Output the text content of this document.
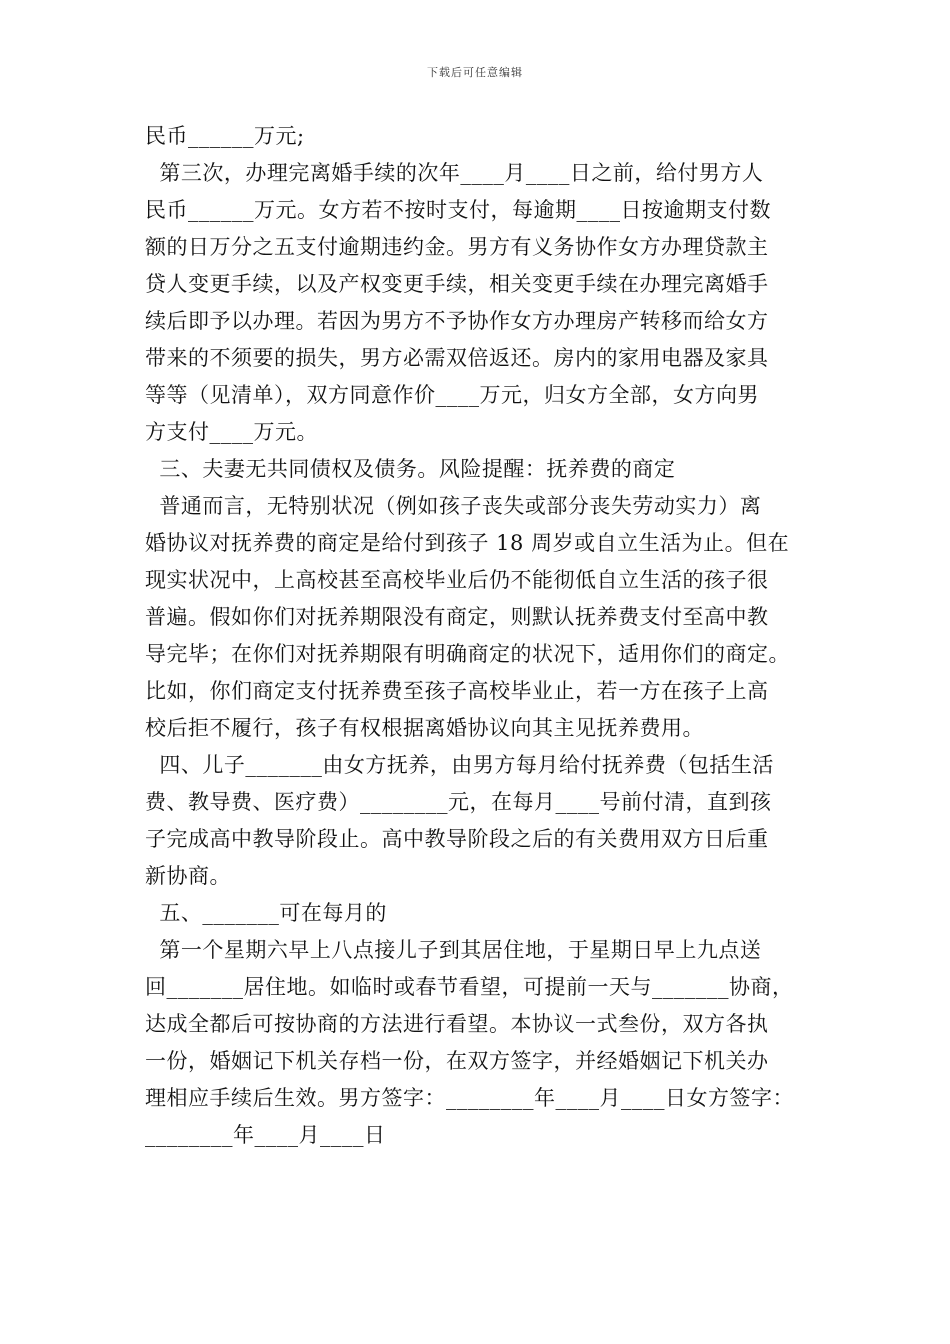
下载后可任意编辑
民币______万元;
第三次，办理完离婚手续的次年____月____日之前，给付男方人
民币______万元。女方若不按时支付，每逾期____日按逾期支付数
额的日万分之五支付逾期违约金。男方有义务协作女方办理贷款主
贷人变更手续，以及产权变更手续，相关变更手续在办理完离婚手
续后即予以办理。若因为男方不予协作女方办理房产转移而给女方
带来的不须要的损失，男方必需双倍返还。房内的家用电器及家具
等等（见清单），双方同意作价____万元，归女方全部，女方向男
方支付____万元。
三、夫妻无共同债权及债务。风险提醒：抚养费的商定
普通而言，无特别状况（例如孩子丧失或部分丧失劳动实力）离
婚协议对抚养费的商定是给付到孩子 18 周岁或自立生活为止。但在
现实状况中，上高校甚至高校毕业后仍不能彻低自立生活的孩子很
普遍。假如你们对抚养期限没有商定，则默认抚养费支付至高中教
导完毕；在你们对抚养期限有明确商定的状况下，适用你们的商定。
比如，你们商定支付抚养费至孩子高校毕业止，若一方在孩子上高
校后拒不履行，孩子有权根据离婚协议向其主见抚养费用。
四、儿子_______由女方抚养，由男方每月给付抚养费（包括生活
费、教导费、医疗费）________元，在每月____号前付清，直到孩
子完成高中教导阶段止。高中教导阶段之后的有关费用双方日后重
新协商。
五、_______可在每月的
第一个星期六早上八点接儿子到其居住地，于星期日早上九点送
回_______居住地。如临时或春节看望，可提前一天与_______协商，
达成全都后可按协商的方法进行看望。本协议一式叁份，双方各执
一份，婚姻记下机关存档一份，在双方签字，并经婚姻记下机关办
理相应手续后生效。男方签字：________年____月____日女方签字：
________年____月____日
